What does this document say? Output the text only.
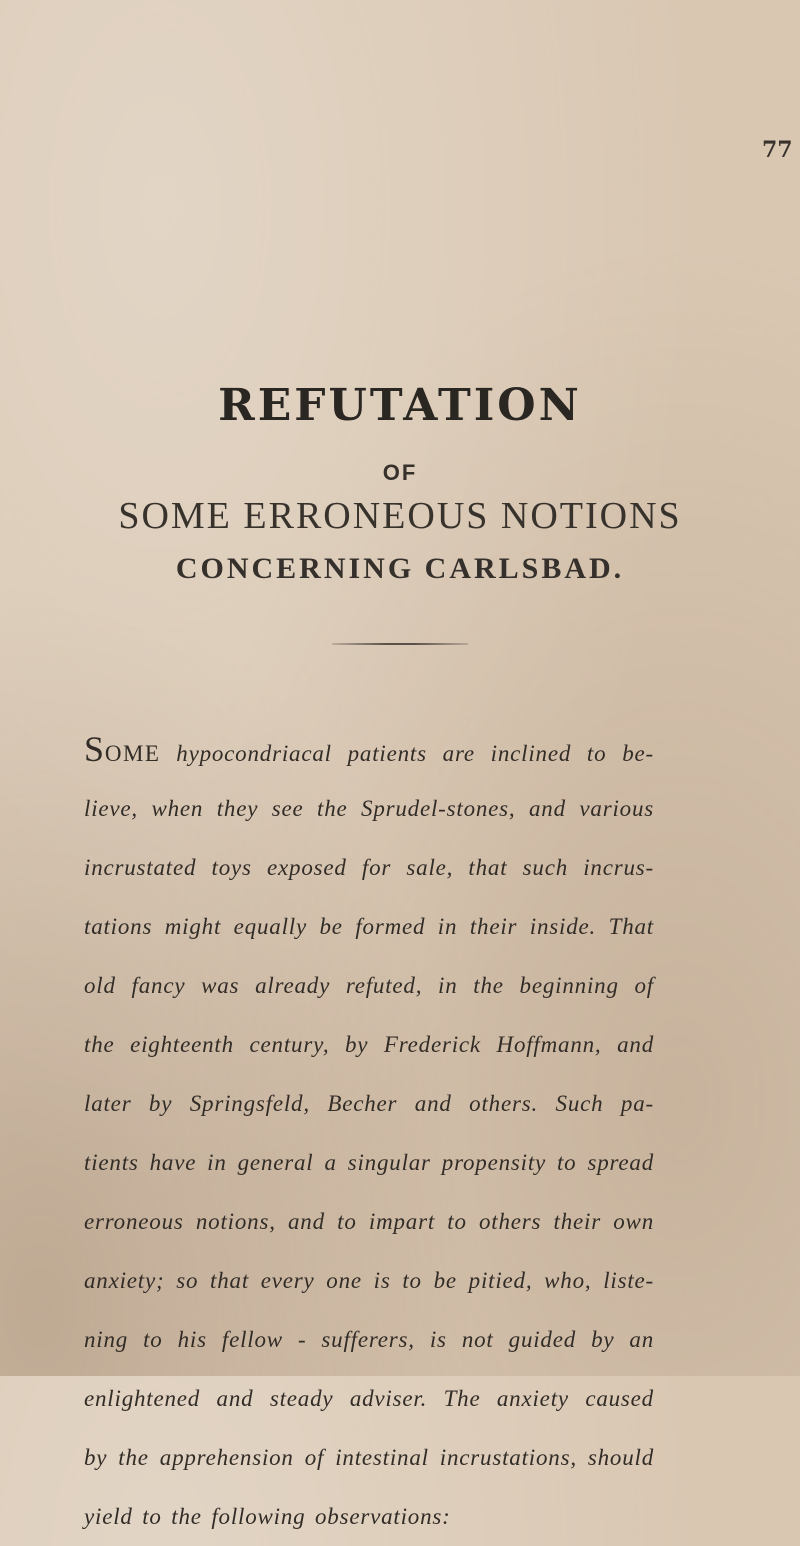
77
REFUTATION
OF
SOME ERRONEOUS NOTIONS
CONCERNING CARLSBAD.
SOME hypocondriacal patients are inclined to be-
lieve, when they see the Sprudel-stones, and various
incrustated toys exposed for sale, that such incrus-
tations might equally be formed in their inside. That
old fancy was already refuted, in the beginning of
the eighteenth century, by Frederick Hoffmann, and
later by Springsfeld, Becher and others. Such pa-
tients have in general a singular propensity to spread
erroneous notions, and to impart to others their own
anxiety; so that every one is to be pitied, who, liste-
ning to his fellow - sufferers, is not guided by an
enlightened and steady adviser. The anxiety caused
by the apprehension of intestinal incrustations, should
yield to the following observations:
